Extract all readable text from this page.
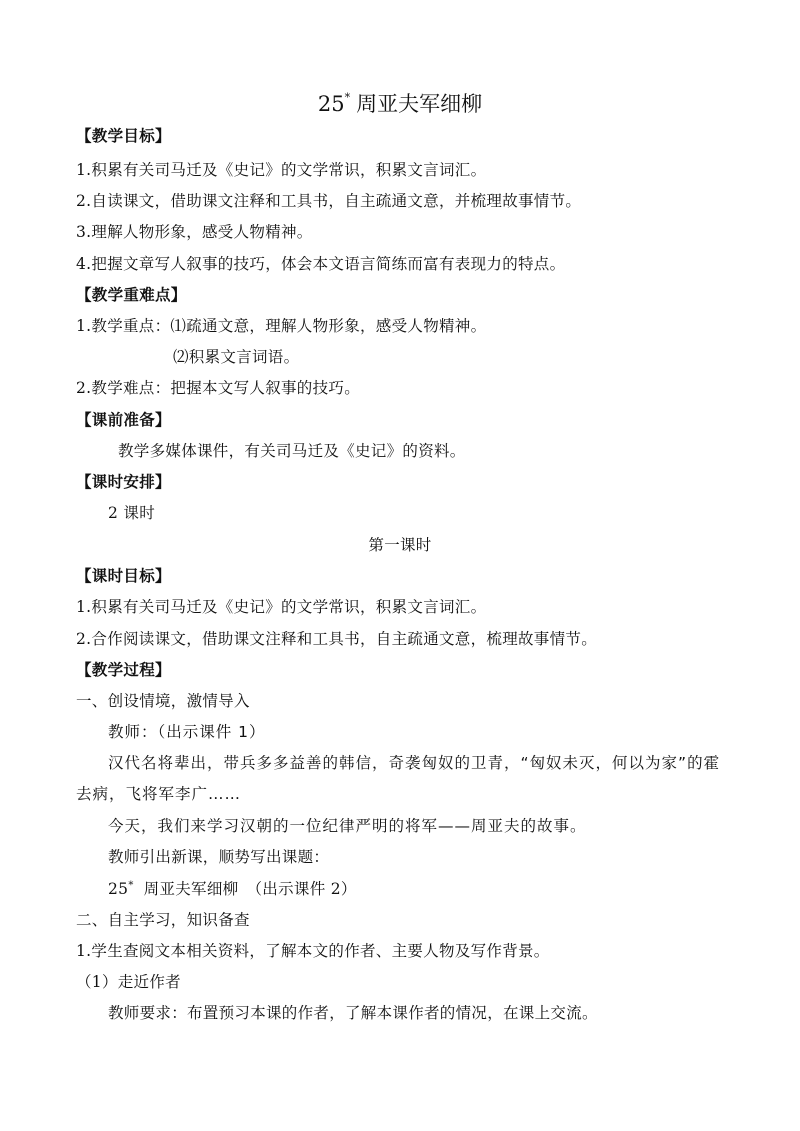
25* 周亚夫军细柳
【教学目标】
1.积累有关司马迁及《史记》的文学常识，积累文言词汇。
2.自读课文，借助课文注释和工具书，自主疏通文意，并梳理故事情节。
3.理解人物形象，感受人物精神。
4.把握文章写人叙事的技巧，体会本文语言简练而富有表现力的特点。
【教学重难点】
1.教学重点：⑴疏通文意，理解人物形象，感受人物精神。
⑵积累文言词语。
2.教学难点：把握本文写人叙事的技巧。
【课前准备】
教学多媒体课件，有关司马迁及《史记》的资料。
【课时安排】
2 课时
第一课时
【课时目标】
1.积累有关司马迁及《史记》的文学常识，积累文言词汇。
2.合作阅读课文，借助课文注释和工具书，自主疏通文意，梳理故事情节。
【教学过程】
一、创设情境，激情导入
教师：（出示课件 1）
汉代名将辈出，带兵多多益善的韩信，奇袭匈奴的卫青，“匈奴未灭，何以为家”的霍
去病，飞将军李广……
今天，我们来学习汉朝的一位纪律严明的将军——周亚夫的故事。
教师引出新课，顺势写出课题：
25* 周亚夫军细柳　（出示课件 2）
二、自主学习，知识备查
1.学生查阅文本相关资料，了解本文的作者、主要人物及写作背景。
（1）走近作者
教师要求：布置预习本课的作者，了解本课作者的情况，在课上交流。
